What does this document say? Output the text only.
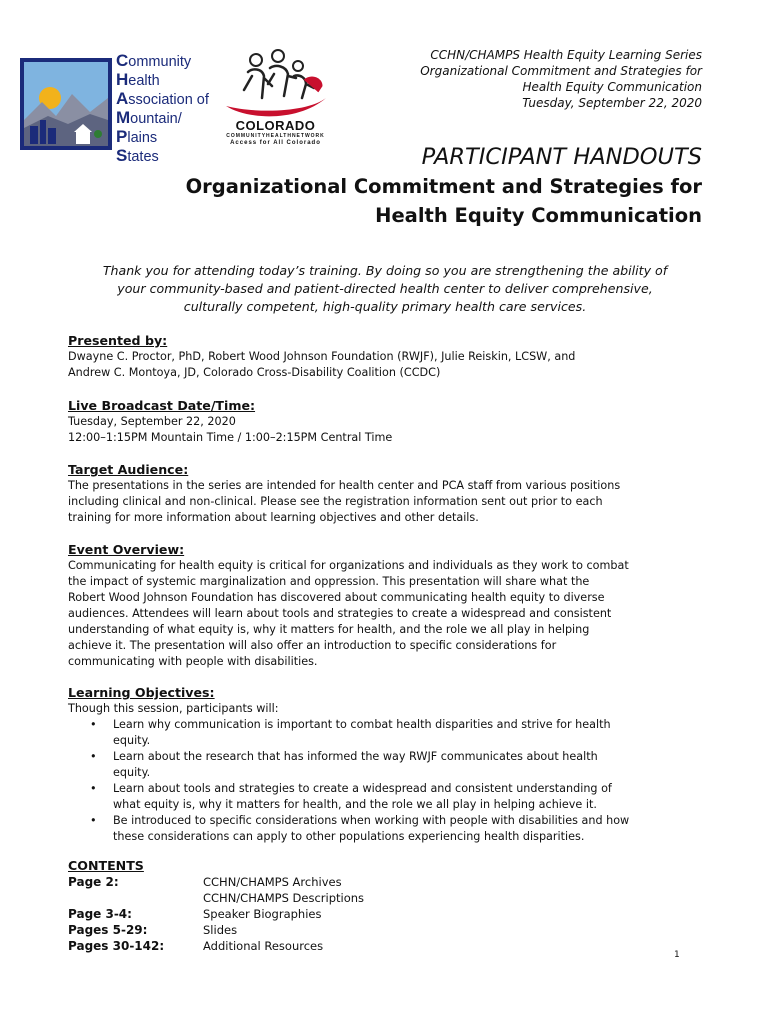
Community
Health
Association of
Mountain/
Plains
States
COLORADO
COMMUNITYHEALTHNETWORK
Access for All Colorado
CCHN/CHAMPS Health Equity Learning Series
Organizational Commitment and Strategies for
Health Equity Communication
Tuesday, September 22, 2020
PARTICIPANT HANDOUTS
Organizational Commitment and Strategies for
Health Equity Communication
Thank you for attending today’s training. By doing so you are strengthening the ability of
your community-based and patient-directed health center to deliver comprehensive,
culturally competent, high-quality primary health care services.
Presented by:
Dwayne C. Proctor, PhD, Robert Wood Johnson Foundation (RWJF), Julie Reiskin, LCSW, and
Andrew C. Montoya, JD, Colorado Cross-Disability Coalition (CCDC)
Live Broadcast Date/Time:
Tuesday, September 22, 2020
12:00–1:15PM Mountain Time / 1:00–2:15PM Central Time
Target Audience:
The presentations in the series are intended for health center and PCA staff from various positions
including clinical and non-clinical. Please see the registration information sent out prior to each
training for more information about learning objectives and other details.
Event Overview:
Communicating for health equity is critical for organizations and individuals as they work to combat
the impact of systemic marginalization and oppression. This presentation will share what the
Robert Wood Johnson Foundation has discovered about communicating health equity to diverse
audiences. Attendees will learn about tools and strategies to create a widespread and consistent
understanding of what equity is, why it matters for health, and the role we all play in helping
achieve it. The presentation will also offer an introduction to specific considerations for
communicating with people with disabilities.
Learning Objectives:
Though this session, participants will:
• Learn why communication is important to combat health disparities and strive for health
equity.
• Learn about the research that has informed the way RWJF communicates about health
equity.
• Learn about tools and strategies to create a widespread and consistent understanding of
what equity is, why it matters for health, and the role we all play in helping achieve it.
• Be introduced to specific considerations when working with people with disabilities and how
these considerations can apply to other populations experiencing health disparities.
CONTENTS
Page 2:	CCHN/CHAMPS Archives
CCHN/CHAMPS Descriptions
Page 3-4:	Speaker Biographies
Pages 5-29:	Slides
Pages 30-142:	Additional Resources
1
